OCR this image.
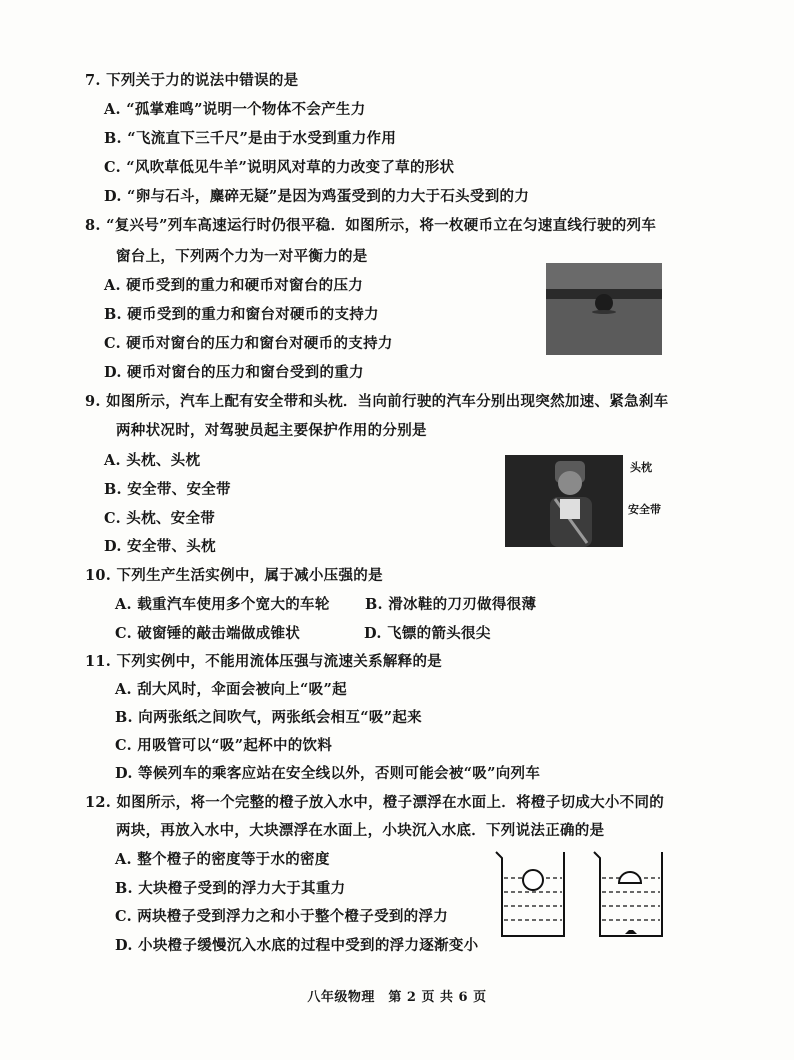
7. 下列关于力的说法中错误的是
A. “孤掌难鸣”说明一个物体不会产生力
B. “飞流直下三千尺”是由于水受到重力作用
C. “风吹草低见牛羊”说明风对草的力改变了草的形状
D. “卵与石斗，麋碎无疑”是因为鸡蛋受到的力大于石头受到的力
8. “复兴号”列车高速运行时仍很平稳．如图所示，将一枚硬币立在匀速直线行驶的列车
窗台上，下列两个力为一对平衡力的是
A. 硬币受到的重力和硬币对窗台的压力
B. 硬币受到的重力和窗台对硬币的支持力
C. 硬币对窗台的压力和窗台对硬币的支持力
D. 硬币对窗台的压力和窗台受到的重力
9. 如图所示，汽车上配有安全带和头枕．当向前行驶的汽车分别出现突然加速、紧急刹车
两种状况时，对驾驶员起主要保护作用的分别是
A. 头枕、头枕
B. 安全带、安全带
C. 头枕、安全带
D. 安全带、头枕
头枕
安全带
10. 下列生产生活实例中，属于减小压强的是
A. 载重汽车使用多个宽大的车轮 B. 滑冰鞋的刀刃做得很薄
C. 破窗锤的敲击端做成锥状	D. 飞镖的箭头很尖
11. 下列实例中，不能用流体压强与流速关系解释的是
A. 刮大风时，伞面会被向上“吸”起
B. 向两张纸之间吹气，两张纸会相互“吸”起来
C. 用吸管可以“吸”起杯中的饮料
D. 等候列车的乘客应站在安全线以外，否则可能会被“吸”向列车
12. 如图所示，将一个完整的橙子放入水中，橙子漂浮在水面上．将橙子切成大小不同的
两块，再放入水中，大块漂浮在水面上，小块沉入水底．下列说法正确的是
A. 整个橙子的密度等于水的密度
B. 大块橙子受到的浮力大于其重力
C. 两块橙子受到浮力之和小于整个橙子受到的浮力
D. 小块橙子缓慢沉入水底的过程中受到的浮力逐渐变小
八年级物理　第 2 页 共 6 页
